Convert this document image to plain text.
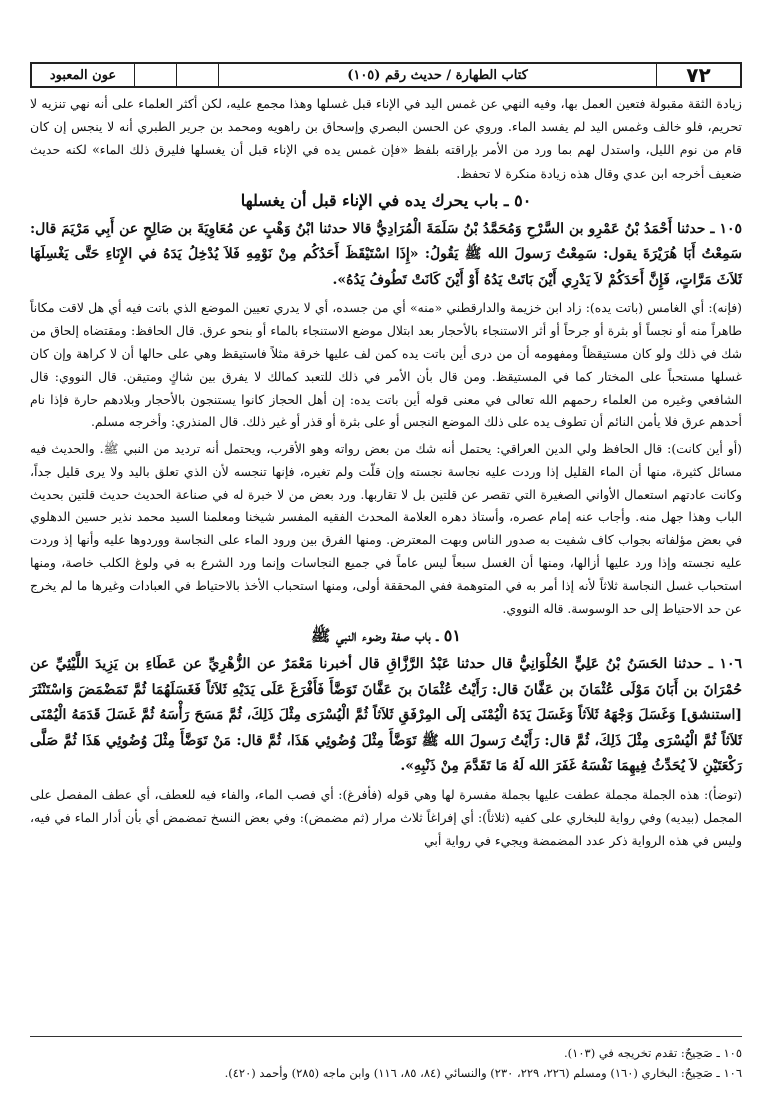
٧٢
كتاب الطهارة / حديث رقم (١٠٥)
عون المعبود

زيادة الثقة مقبولة فتعين العمل بها، وفيه النهي عن غمس اليد في الإناء قبل غسلها وهذا مجمع عليه، لكن أكثر العلماء على أنه نهي تنزيه لا تحريم، فلو خالف وغمس اليد لم يفسد الماء. وروي عن الحسن البصري وإسحاق بن راهويه ومحمد بن جرير الطبري أنه لا ينجس إن كان قام من نوم الليل، واستدل لهم بما ورد من الأمر بإراقته بلفظ «فإن غمس يده في الإناء قبل أن يغسلها فليرق ذلك الماء» لكنه حديث ضعيف أخرجه ابن عدي وقال هذه زيادة منكرة لا تحفظ.

٥٠ ـ باب يحرك يده في الإناء قبل أن يغسلها

١٠٥ ـ حدثنا أَحْمَدُ بْنُ عَمْرِو بن السَّرْحِ وَمُحَمَّدُ بْنُ سَلَمَةَ الْمُرَادِيُّ قالا حدثنا ابْنُ وَهْبٍ عن مُعَاوِيَةَ بن صَالِحٍ عن أَبِي مَرْيَمَ قال: سَمِعْتُ أَبَا هُرَيْرَةَ يقول: سَمِعْتُ رَسولَ الله ﷺ يَقُولُ: «إِذَا اسْتَيْقَظَ أَحَدُكُم مِنْ نَوْمِهِ فَلاَ يُدْخِلُ يَدَهُ في الإِنَاءِ حَتَّى يَغْسِلَهَا ثَلاَثَ مَرَّاتٍ، فَإِنَّ أَحَدَكُمْ لاَ يَدْرِي أَيْنَ بَاتَتْ يَدُهُ أَوْ أَيْنَ كَانَتْ تَطُوفُ يَدُهُ».

(فإنه): أي الغامس (باتت يده): زاد ابن خزيمة والدارقطني «منه» أي من جسده، أي لا يدري تعيين الموضع الذي باتت فيه أي هل لاقت مكاناً طاهراً منه أو نجساً أو بثرة أو جرحاً أو أثر الاستنجاء بالأحجار بعد ابتلال موضع الاستنجاء بالماء أو بنحو عرق. قال الحافظ: ومقتضاه إلحاق من شك في ذلك ولو كان مستيقظاً ومفهومه أن من درى أين باتت يده كمن لف عليها خرقة مثلاً فاستيقظ وهي على حالها أن لا كراهة وإن كان غسلها مستحباً على المختار كما في المستيقظ. ومن قال بأن الأمر في ذلك للتعبد كمالك لا يفرق بين شاكٍ ومتيقن. قال النووي: قال الشافعي وغيره من العلماء رحمهم الله تعالى في معنى قوله أين باتت يده: إن أهل الحجاز كانوا يستنجون بالأحجار وبلادهم حارة فإذا نام أحدهم عرق فلا يأمن النائم أن تطوف يده على ذلك الموضع النجس أو على بثرة أو قذر أو غير ذلك. قال المنذري: وأخرجه مسلم.

(أو أين كانت): قال الحافظ ولي الدين العراقي: يحتمل أنه شك من بعض رواته وهو الأقرب، ويحتمل أنه ترديد من النبي ﷺ. والحديث فيه مسائل كثيرة، منها أن الماء القليل إذا وردت عليه نجاسة نجسته وإن قلّت ولم تغيره، فإنها تنجسه لأن الذي تعلق باليد ولا يرى قليل جداً، وكانت عادتهم استعمال الأواني الصغيرة التي تقصر عن قلتين بل لا تقاربها. ورد بعض من لا خبرة له في صناعة الحديث حديث قلتين بحديث الباب وهذا جهل منه. وأجاب عنه إمام عصره، وأستاذ دهره العلامة المحدث الفقيه المفسر شيخنا ومعلمنا السيد محمد نذير حسين الدهلوي في بعض مؤلفاته بجواب كاف شفيت به صدور الناس وبهت المعترض. ومنها الفرق بين ورود الماء على النجاسة ووردوها عليه وأنها إذ وردت عليه نجسته وإذا ورد عليها أزالها، ومنها أن الغسل سبعاً ليس عاماً في جميع النجاسات وإنما ورد الشرع به في ولوغ الكلب خاصة، ومنها استحباب غسل النجاسة ثلاثاً لأنه إذا أمر به في المتوهمة ففي المحققة أولى، ومنها استحباب الأخذ بالاحتياط في العبادات وغيرها ما لم يخرج عن حد الاحتياط إلى حد الوسوسة. قاله النووي.

٥١ ـ باب صفة وضوء النبي ﷺ

١٠٦ ـ حدثنا الحَسَنُ بْنُ عَلِيٍّ الحُلْوَانِيُّ قال حدثنا عَبْدُ الرَّزَّاقِ قال أخبرنا مَعْمَرٌ عن الزُّهْرِيِّ عن عَطَاءِ بن يَزِيدَ اللَّيْثِيِّ عن حُمْرَانَ بن أَبَانَ مَوْلَى عُثْمَانَ بن عَفَّانَ قال: رَأَيْتُ عُثْمَانَ بنَ عَفَّانَ تَوَضَّأَ فَأَفْرَغَ عَلَى يَدَيْهِ ثَلاَثاً فَغَسَلَهُمَا ثُمَّ تَمَضْمَضَ وَاسْتَنْثَرَ [استنشق] وَغَسَلَ وَجْهَهُ ثَلاَثاً وَغَسَلَ يَدَهُ الْيُمْنَى إلَى المِرْفَقِ ثَلاَثاً ثُمَّ الْيُسْرَى مِثْلَ ذَلِكَ، ثُمَّ مَسَحَ رَأْسَهُ ثُمَّ غَسَلَ قَدَمَهُ الْيُمْنَى ثَلاَثاً ثُمَّ الْيُسْرَى مِثْلَ ذَلِكَ، ثُمَّ قال: رَأَيْتُ رَسولَ الله ﷺ تَوَضَّأَ مِثْلَ وُضُوئِي هَذَا، ثُمَّ قال: مَنْ تَوَضَّأَ مِثْلَ وُضُوئِي هَذَا ثُمَّ صَلَّى رَكْعَتَيْنِ لاَ يُحَدِّثُ فِيهِمَا نَفْسَهُ غَفَرَ الله لَهُ مَا تَقَدَّمَ مِنْ ذَنْبِهِ».

(توضأ): هذه الجملة مجملة عطفت عليها بجملة مفسرة لها وهي قوله (فأفرغ): أي فصب الماء، والفاء فيه للعطف، أي عطف المفصل على المجمل (بيديه) وفي رواية للبخاري على كفيه (ثلاثاً): أي إفراغاً ثلاث مرار (ثم مضمض): وفي بعض النسخ تمضمض أي بأن أدار الماء في فيه، وليس في هذه الرواية ذكر عدد المضمضة ويجيء في رواية أبي

١٠٥ ـ صَحِيحٌ: تقدم تخريجه في (١٠٣).

١٠٦ ـ صَحِيحٌ: البخاري (١٦٠) ومسلم (٢٢٦، ٢٢٩، ٢٣٠) والنسائي (٨٤، ٨٥، ١١٦) وابن ماجه (٢٨٥) وأحمد (٤٢٠).
